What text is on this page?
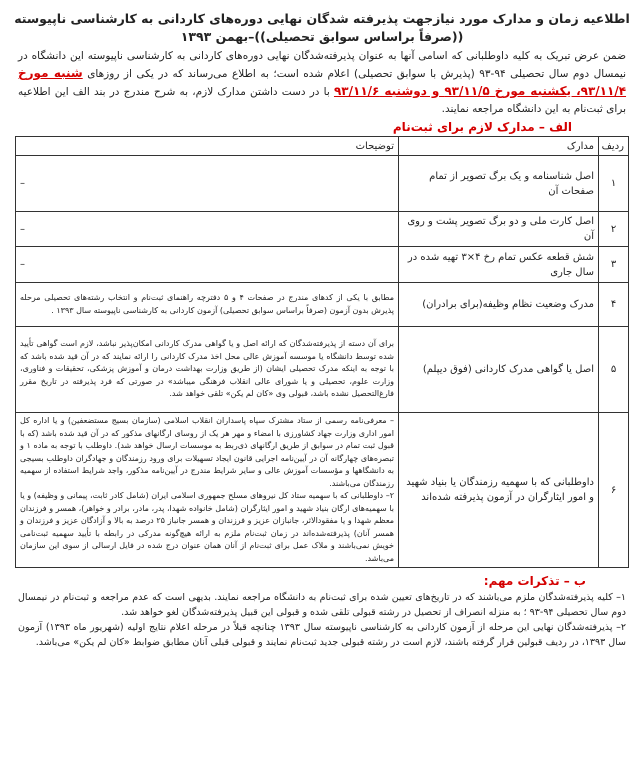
اطلاعیه زمان و مدارک مورد نیازجهت پذیرفته شدگان نهایی دوره‌های کاردانی به کارشناسی ناپیوسته
((صرفاً براساس سوابق تحصیلی))–بهمن ۱۳۹۳
ضمن عرض تبریک به کلیه داوطلبانی که اسامی آنها به عنوان پذیرفته‌شدگان نهایی دوره‌های کاردانی به کارشناسی ناپیوسته این دانشگاه در نیمسال دوم سال تحصیلی ۹۴-۹۳ (پذیرش با سوابق تحصیلی) اعلام شده است؛ به اطلاع می‌رساند که در یکی از روزهای شنبه مورخ ۹۳/۱۱/۴، یکشنبه مورخ ۹۳/۱۱/۵ و دوشنبه ۹۳/۱۱/۶ با در دست داشتن مدارک لازم، به شرح مندرج در بند الف این اطلاعیه برای ثبت‌نام به این دانشگاه مراجعه نمایند.
الف – مدارک لازم برای ثبت‌نام
ردیف	مدارک	توضیحات
۱	اصل شناسنامه و یک برگ تصویر از تمام صفحات آن	–
۲	اصل کارت ملی و دو برگ تصویر پشت و روی آن	–
۳	شش قطعه عکس تمام رخ ۴×۳ تهیه شده در سال جاری	–
۴	مدرک وضعیت نظام وظیفه(برای برادران)	مطابق با یکی از کدهای مندرج در صفحات ۴ و ۵ دفترچه راهنمای ثبت‌نام و انتخاب رشته‌های تحصیلی مرحله پذیرش بدون آزمون (صرفاً براساس سوابق تحصیلی) آزمون کاردانی به کارشناسی ناپیوسته سال ۱۳۹۳ .
۵	اصل یا گواهی مدرک کاردانی (فوق دیپلم)	برای آن دسته از پذیرفته‌شدگان که ارائه اصل و یا گواهی مدرک کاردانی امکان‌پذیر نباشد، لازم است گواهی تأیید شده توسط دانشگاه یا موسسه آموزش عالی محل اخذ مدرک کاردانی را ارائه نمایند که در آن قید شده باشد که با توجه به اینکه مدرک تحصیلی ایشان (از طریق وزارت بهداشت درمان و آموزش پزشکی، تحقیقات و فناوری، وزارت علوم، تحصیلی و یا شورای عالی انقلاب فرهنگی میباشد» در صورتی که فرد پذیرفته در تاریخ مقرر فارغ‌التحصیل نشده باشد، قبولی وی «کان لم یکن» تلقی خواهد شد.
۶	داوطلبانی که با سهمیه رزمندگان یا بنیاد شهید و امور ایثارگران در آزمون پذیرفته شده‌اند	– معرفی‌نامه رسمی از ستاد مشترک سپاه پاسداران انقلاب اسلامی (سازمان بسیج مستضعفین) و یا اداره کل امور اداری وزارت جهاد کشاورزی با امضاء و مهر هر یک از روسای ارگانهای مذکور که در آن قید شده باشد (که با قبول ثبت تمام در سوابق از طریق ارگانهای ذی‌ربط به موسسات ارسال خواهد شد). داوطلب با توجه به ماده ۱ و تبصره‌های چهارگانه آن در آیین‌نامه اجرایی قانون ایجاد تسهیلات برای ورود رزمندگان و جهادگران داوطلب بسیجی به دانشگاهها و مؤسسات آموزش عالی و سایر شرایط مندرج در آیین‌نامه مذکور، واجد شرایط استفاده از سهمیه رزمندگان می‌باشند.
۲– داوطلبانی که با سهمیه ستاد کل نیروهای مسلح جمهوری اسلامی ایران (شامل کادر ثابت، پیمانی و وظیفه) و یا با سهمیه‌های ارگان بنیاد شهید و امور ایثارگران (شامل خانواده شهدا، پدر، مادر، برادر و خواهر)، همسر و فرزندان معظم شهدا و یا مفقودالاثر، جانبازان عزیز و فرزندان و همسر جانباز ۲۵ درصد به بالا و آزادگان عزیز و فرزندان و همسر آنان) پذیرفته‌شده‌اند در زمان ثبت‌نام ملزم به ارائه هیچ‌گونه مدرکی در رابطه با تأیید سهمیه ثبت‌نامی خویش نمی‌باشند و ملاک عمل برای ثبت‌نام از آنان همان عنوان درج شده در فایل ارسالی از سوی این سازمان می‌باشد.
ب – تذکرات مهم:
۱– کلیه پذیرفته‌شدگان ملزم می‌باشند که در تاریخ‌های تعیین شده برای ثبت‌نام به دانشگاه مراجعه نمایند. بدیهی است که عدم مراجعه و ثبت‌نام در نیمسال دوم سال تحصیلی ۹۴-۹۳ ؛ به منزله انصراف از تحصیل در رشته قبولی تلقی شده و قبولی این قبیل پذیرفته‌شدگان لغو خواهد شد.
۲– پذیرفته‌شدگان نهایی این مرحله از آزمون کاردانی به کارشناسی ناپیوسته سال ۱۳۹۳ چنانچه قبلاً در مرحله اعلام نتایج اولیه (شهریور ماه ۱۳۹۳) آزمون سال ۱۳۹۳، در ردیف قبولین قرار گرفته باشند، لازم است در رشته قبولی جدید ثبت‌نام نمایند و قبولی قبلی آنان مطابق ضوابط «کان لم یکن» می‌باشد.
